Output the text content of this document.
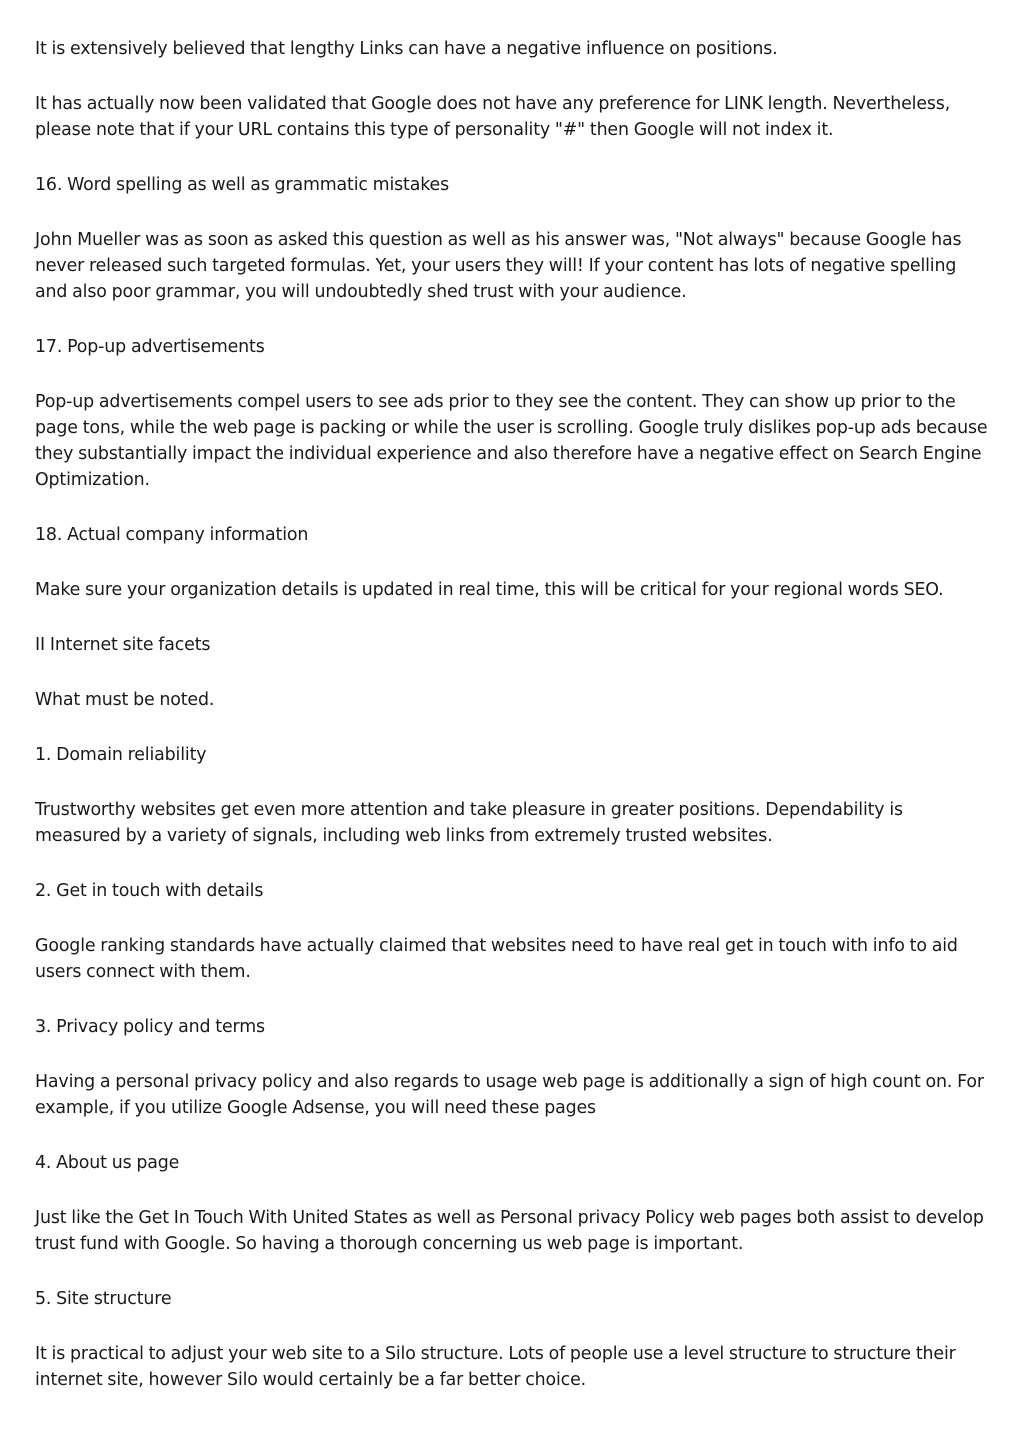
It is extensively believed that lengthy Links can have a negative influence on positions.

It has actually now been validated that Google does not have any preference for LINK length. Nevertheless, please note that if your URL contains this type of personality "#" then Google will not index it.

16. Word spelling as well as grammatic mistakes

John Mueller was as soon as asked this question as well as his answer was, "Not always" because Google has never released such targeted formulas. Yet, your users they will! If your content has lots of negative spelling and also poor grammar, you will undoubtedly shed trust with your audience.

17. Pop-up advertisements

Pop-up advertisements compel users to see ads prior to they see the content. They can show up prior to the page tons, while the web page is packing or while the user is scrolling. Google truly dislikes pop-up ads because they substantially impact the individual experience and also therefore have a negative effect on Search Engine Optimization.

18. Actual company information

Make sure your organization details is updated in real time, this will be critical for your regional words SEO.

II Internet site facets

What must be noted.

1. Domain reliability

Trustworthy websites get even more attention and take pleasure in greater positions. Dependability is measured by a variety of signals, including web links from extremely trusted websites.

2. Get in touch with details

Google ranking standards have actually claimed that websites need to have real get in touch with info to aid users connect with them.

3. Privacy policy and terms

Having a personal privacy policy and also regards to usage web page is additionally a sign of high count on. For example, if you utilize Google Adsense, you will need these pages

4. About us page

Just like the Get In Touch With United States as well as Personal privacy Policy web pages both assist to develop trust fund with Google. So having a thorough concerning us web page is important.

5. Site structure

It is practical to adjust your web site to a Silo structure. Lots of people use a level structure to structure their internet site, however Silo would certainly be a far better choice.
